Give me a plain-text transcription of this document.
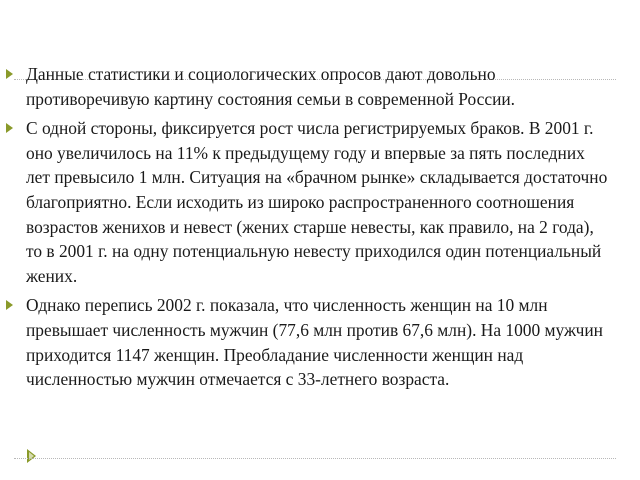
Данные статистики и социологических опросов дают довольно противоречивую картину состояния семьи в современной России.
С одной стороны, фиксируется рост числа регистрируемых браков. В 2001 г. оно увеличилось на 11% к предыдущему году и впервые за пять последних лет превысило 1 млн. Ситуация на «брачном рынке» складывается достаточно благоприятно. Если исходить из широко распространенного соотношения возрастов женихов и невест (жених старше невесты, как правило, на 2 года), то в 2001 г. на одну потенциальную невесту приходился один потенциальный жених.
Однако перепись 2002 г. показала, что численность женщин на 10 млн превышает численность мужчин (77,6 млн против 67,6 млн). На 1000 мужчин приходится 1147 женщин. Преобладание численности женщин над численностью мужчин отмечается с 33-летнего возраста.
